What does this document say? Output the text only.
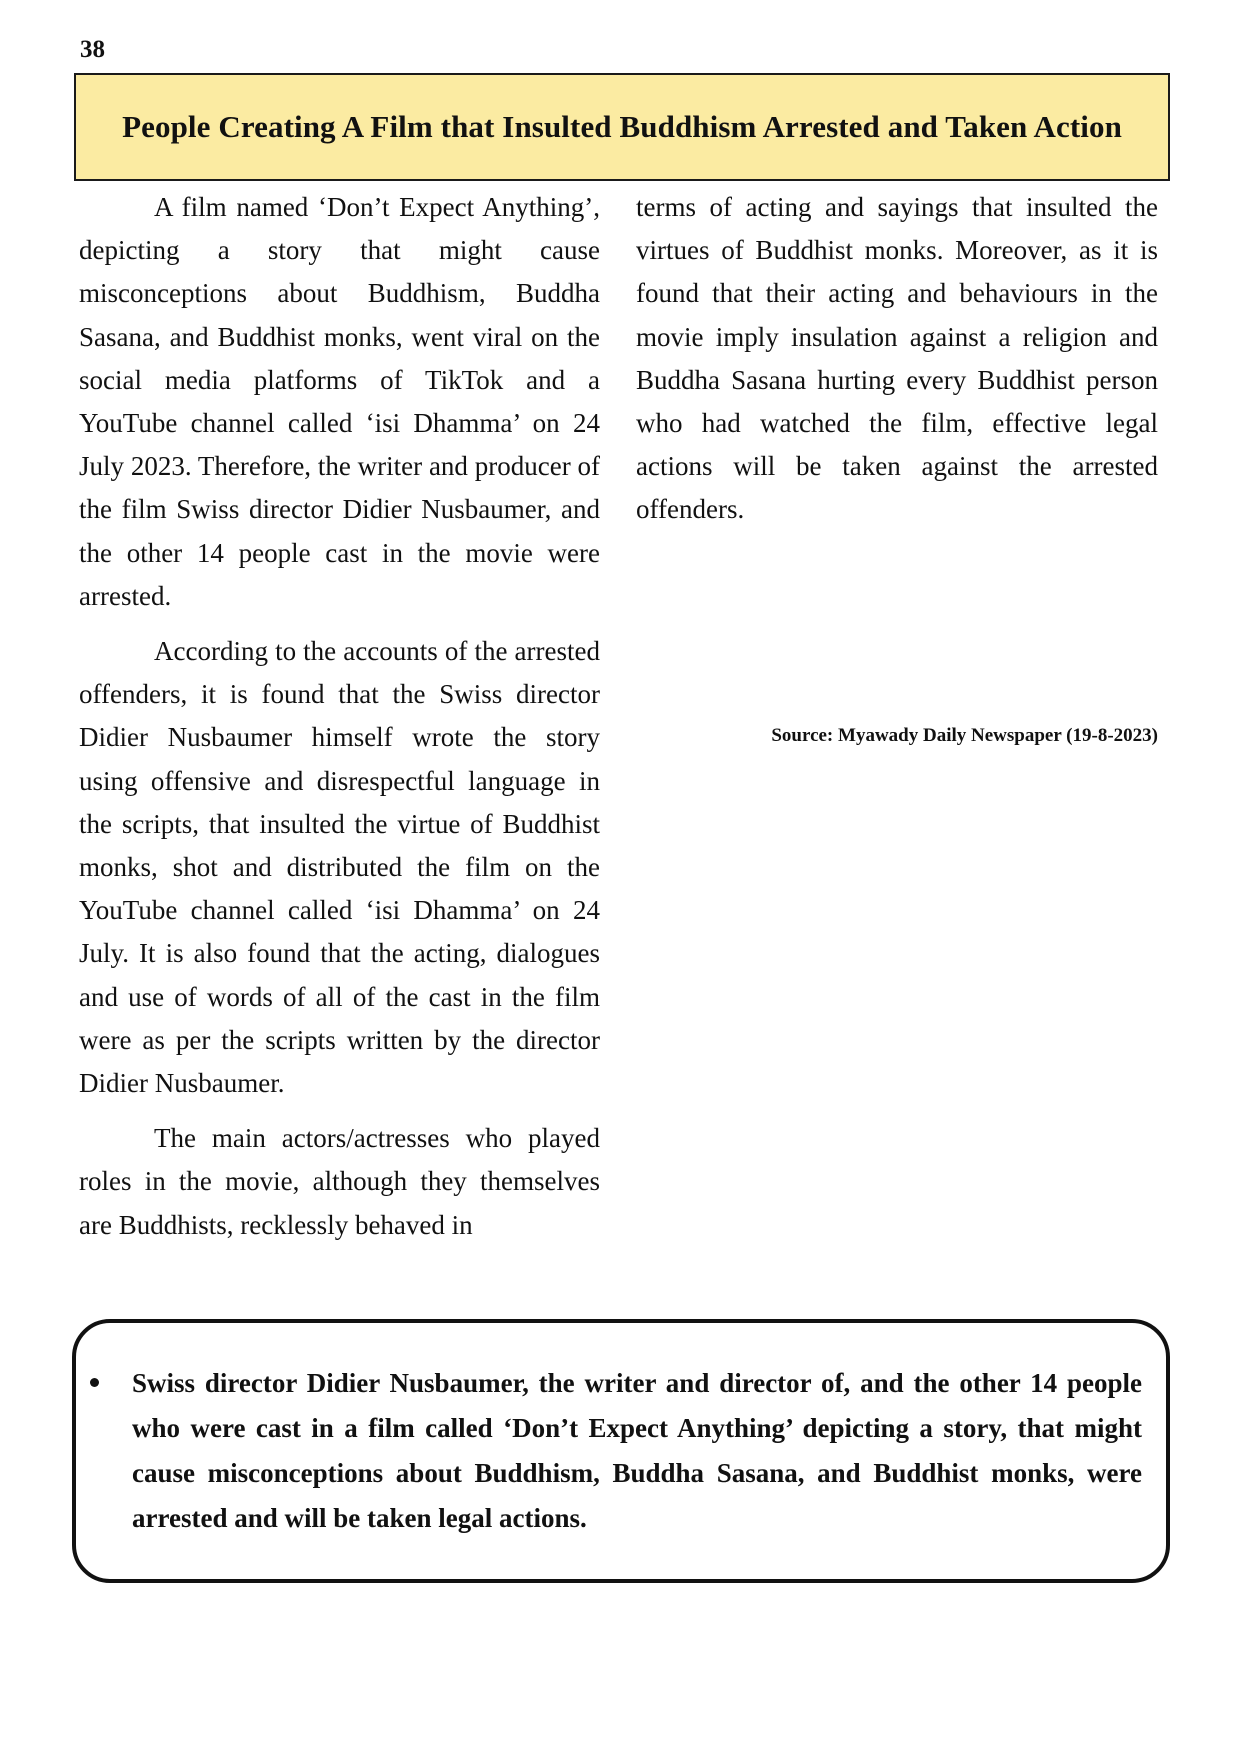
38
People Creating A Film that Insulted Buddhism Arrested and Taken Action

A film named ‘Don’t Expect Anything’, depicting a story that might cause misconceptions about Buddhism, Buddha Sasana, and Buddhist monks, went viral on the social media platforms of TikTok and a YouTube channel called ‘isi Dhamma’ on 24 July 2023. Therefore, the writer and producer of the film Swiss director Didier Nusbaumer, and the other 14 people cast in the movie were arrested.

According to the accounts of the arrested offenders, it is found that the Swiss director Didier Nusbaumer himself wrote the story using offensive and disrespectful language in the scripts, that insulted the virtue of Buddhist monks, shot and distributed the film on the YouTube channel called ‘isi Dhamma’ on 24 July. It is also found that the acting, dialogues and use of words of all of the cast in the film were as per the scripts written by the director Didier Nusbaumer.

The main actors/actresses who played roles in the movie, although they themselves are Buddhists, recklessly behaved in

terms of acting and sayings that insulted the virtues of Buddhist monks. Moreover, as it is found that their acting and behaviours in the movie imply insulation against a religion and Buddha Sasana hurting every Buddhist person who had watched the film, effective legal actions will be taken against the arrested offenders.

Source: Myawady Daily Newspaper (19-8-2023)
Swiss director Didier Nusbaumer, the writer and director of, and the other 14 people who were cast in a film called ‘Don’t Expect Anything’ depicting a story, that might cause misconceptions about Buddhism, Buddha Sasana, and Buddhist monks, were arrested and will be taken legal actions.
